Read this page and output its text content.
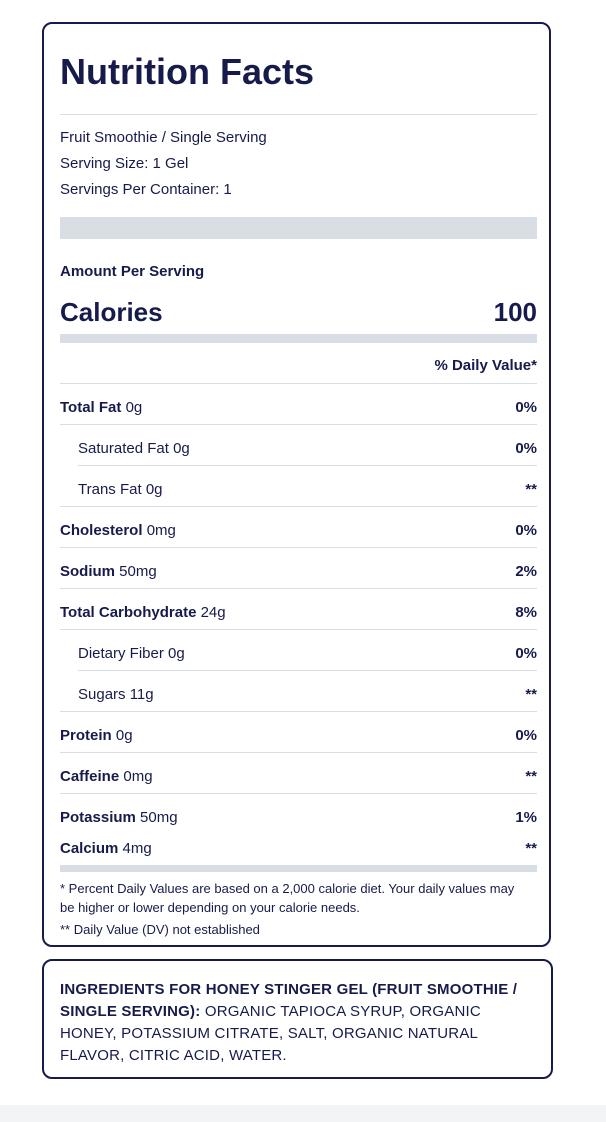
Nutrition Facts
Fruit Smoothie / Single Serving
Serving Size: 1 Gel
Servings Per Container: 1
Amount Per Serving
Calories	100
% Daily Value*
Total Fat 0g	0%
Saturated Fat 0g	0%
Trans Fat 0g	**
Cholesterol 0mg	0%
Sodium 50mg	2%
Total Carbohydrate 24g	8%
Dietary Fiber 0g	0%
Sugars 11g	**
Protein 0g	0%
Caffeine 0mg	**
Potassium 50mg	1%
Calcium 4mg	**
* Percent Daily Values are based on a 2,000 calorie diet. Your daily values may be higher or lower depending on your calorie needs.
** Daily Value (DV) not established
INGREDIENTS FOR HONEY STINGER GEL (FRUIT SMOOTHIE / SINGLE SERVING): ORGANIC TAPIOCA SYRUP, ORGANIC HONEY, POTASSIUM CITRATE, SALT, ORGANIC NATURAL FLAVOR, CITRIC ACID, WATER.
